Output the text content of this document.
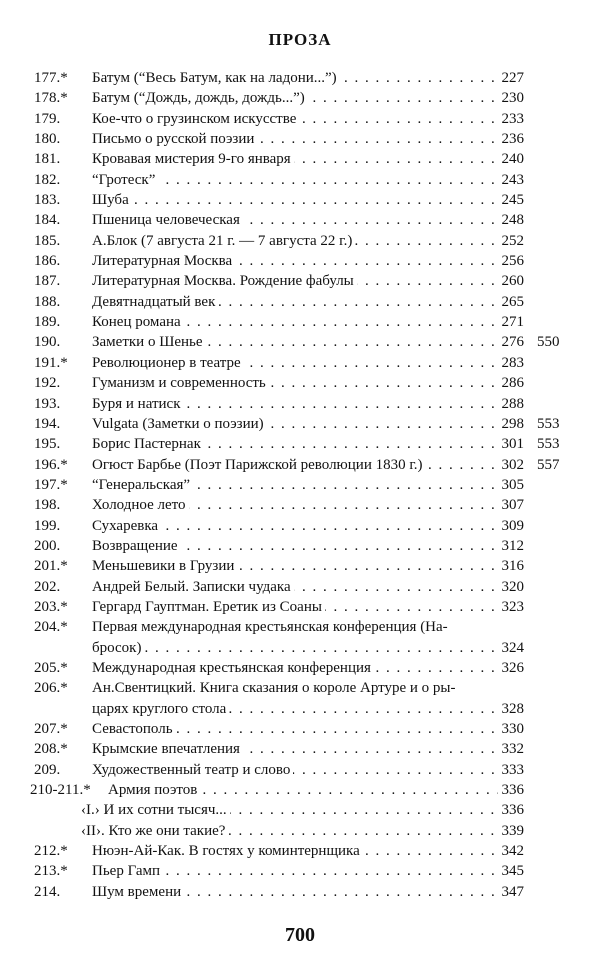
ПРОЗА
177.* Батум (“Весь Батум, как на ладони...”) . . .	227
178.* Батум (“Дождь, дождь, дождь...”) . . .	230
179. Кое-что о грузинском искусстве . . .	233
180. Письмо о русской поэзии . . .	236
181. Кровавая мистерия 9-го января . . .	240
182. “Гротеск” . . .	243
183. Шуба . . .	245
184. Пшеница человеческая . . .	248
185. А.Блок (7 августа 21 г. — 7 августа 22 г.) . . .	252
186. Литературная Москва . . .	256
187. Литературная Москва. Рождение фабулы . . .	260
188. Девятнадцатый век . . .	265
189. Конец романа . . .	271
190. Заметки о Шенье . . .	276 550
191.* Революционер в театре . . .	283
192. Гуманизм и современность . . .	286
193. Буря и натиск . . .	288
194. Vulgata (Заметки о поэзии) . . .	298 553
195. Борис Пастернак . . .	301 553
196.* Огюст Барбье (Поэт Парижской революции 1830 г.) . . .	302 557
197.* “Генеральская” . . .	305
198. Холодное лето . . .	307
199. Сухаревка . . .	309
200. Возвращение . . .	312
201.* Меньшевики в Грузии . . .	316
202. Андрей Белый. Записки чудака . . .	320
203.* Гергард Гауптман. Еретик из Соаны . . .	323
204.* Первая международная крестьянская конференция (На-
бросок) . . .	324
205.* Международная крестьянская конференция . . .	326
206.* Ан.Свентицкий. Книга сказания о короле Артуре и о ры-
царях круглого стола . . .	328
207.* Севастополь . . .	330
208.* Крымские впечатления . . .	332
209. Художественный театр и слово . . .	333
210-211.* Армия поэтов . . .	336
‹I.› И их сотни тысяч... . . .	336
‹II›. Кто же они такие? . . .	339
212.* Нюэн-Ай-Как. В гостях у коминтернщика . . .	342
213.* Пьер Гамп . . .	345
214. Шум времени . . .	347
700
